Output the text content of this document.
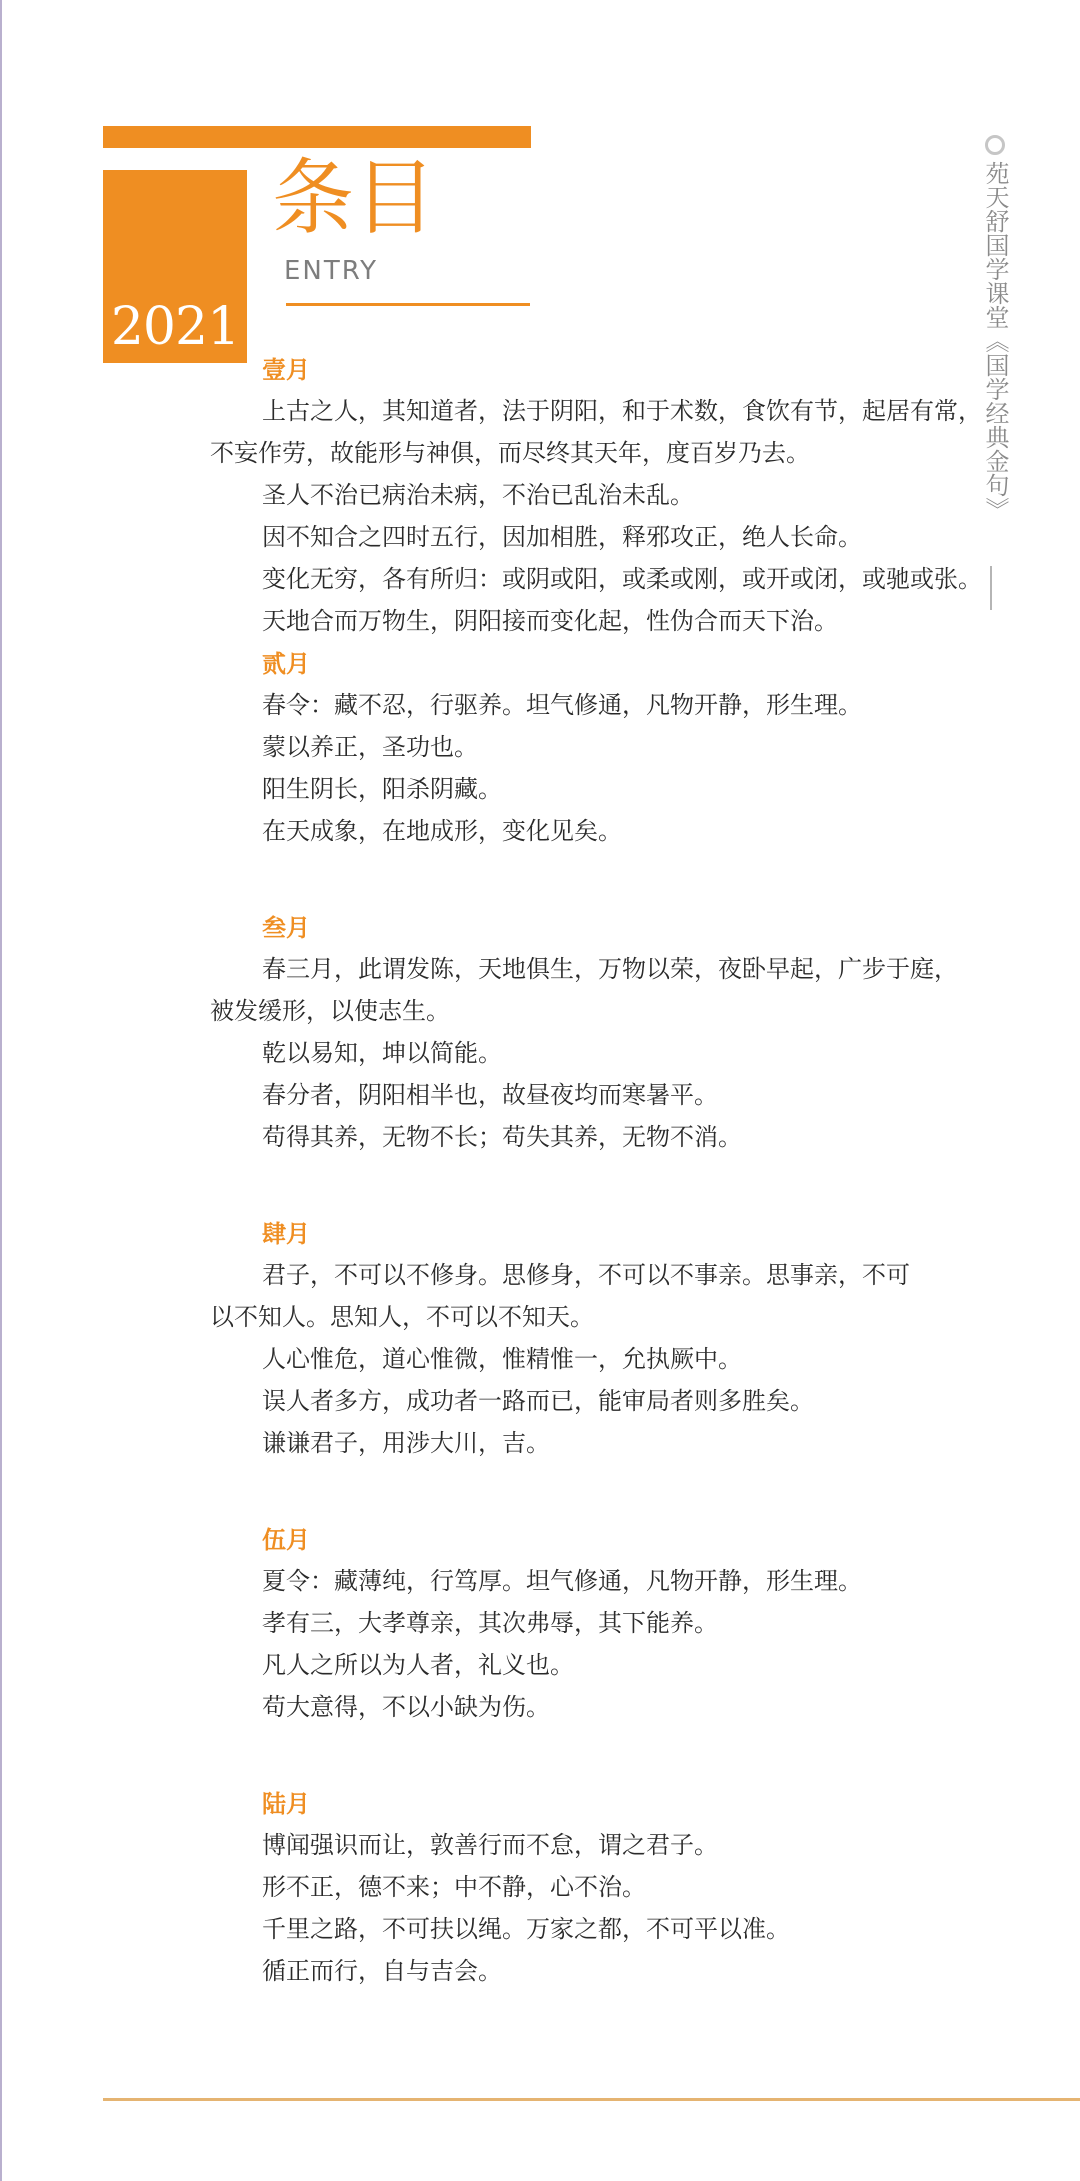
2021
条目
ENTRY	苑天舒国学课堂《国学经典金句》
壹月
上古之人，其知道者，法于阴阳，和于术数，食饮有节，起居有常，
不妄作劳，故能形与神俱，而尽终其天年，度百岁乃去。
圣人不治已病治未病，不治已乱治未乱。
因不知合之四时五行，因加相胜，释邪攻正，绝人长命。
变化无穷，各有所归：或阴或阳，或柔或刚，或开或闭，或驰或张。
天地合而万物生，阴阳接而变化起，性伪合而天下治。
贰月
春令：藏不忍，行驱养。坦气修通，凡物开静，形生理。
蒙以养正，圣功也。
阳生阴长，阳杀阴藏。
在天成象，在地成形，变化见矣。
叁月
春三月，此谓发陈，天地俱生，万物以荣，夜卧早起，广步于庭，
被发缓形，以使志生。
乾以易知，坤以简能。
春分者，阴阳相半也，故昼夜均而寒暑平。
苟得其养，无物不长；苟失其养，无物不消。
肆月
君子，不可以不修身。思修身，不可以不事亲。思事亲，不可
以不知人。思知人，不可以不知天。
人心惟危，道心惟微，惟精惟一，允执厥中。
误人者多方，成功者一路而已，能审局者则多胜矣。
谦谦君子，用涉大川，吉。
伍月
夏令：藏薄纯，行笃厚。坦气修通，凡物开静，形生理。
孝有三，大孝尊亲，其次弗辱，其下能养。
凡人之所以为人者，礼义也。
苟大意得，不以小缺为伤。
陆月
博闻强识而让，敦善行而不怠，谓之君子。
形不正，德不来；中不静，心不治。
千里之路，不可扶以绳。万家之都，不可平以准。
循正而行，自与吉会。
